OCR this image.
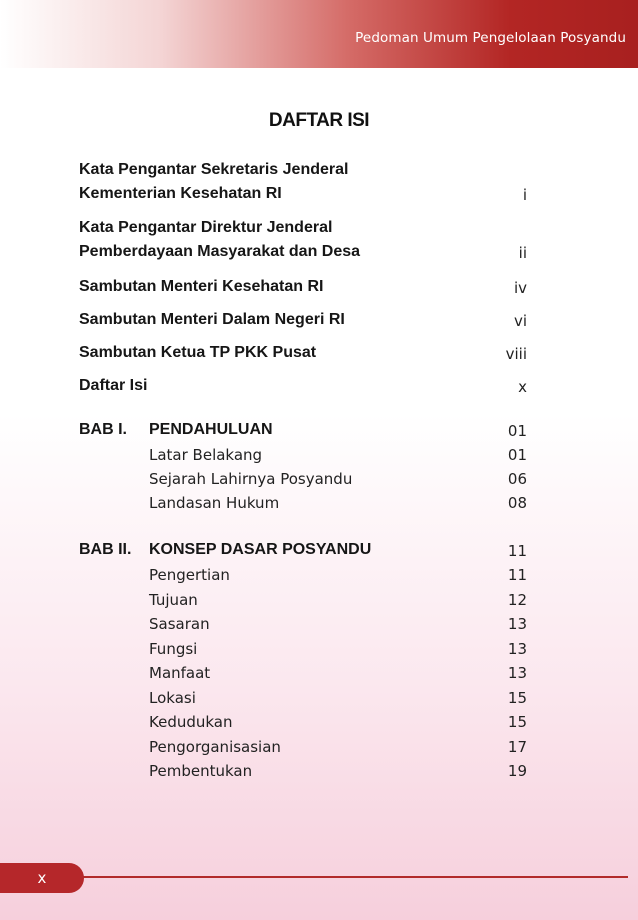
Pedoman Umum Pengelolaan Posyandu
DAFTAR ISI
Kata Pengantar Sekretaris Jenderal
Kementerian Kesehatan RI	i
Kata Pengantar Direktur Jenderal
Pemberdayaan Masyarakat dan Desa	ii
Sambutan Menteri Kesehatan RI	iv
Sambutan Menteri Dalam Negeri RI	vi
Sambutan Ketua TP PKK Pusat	viii
Daftar Isi	x
BAB I. PENDAHULUAN	01
Latar Belakang	01
Sejarah Lahirnya Posyandu	06
Landasan Hukum	08
BAB II. KONSEP DASAR POSYANDU	11
Pengertian	11
Tujuan	12
Sasaran	13
Fungsi	13
Manfaat	13
Lokasi	15
Kedudukan	15
Pengorganisasian	17
Pembentukan	19
x
